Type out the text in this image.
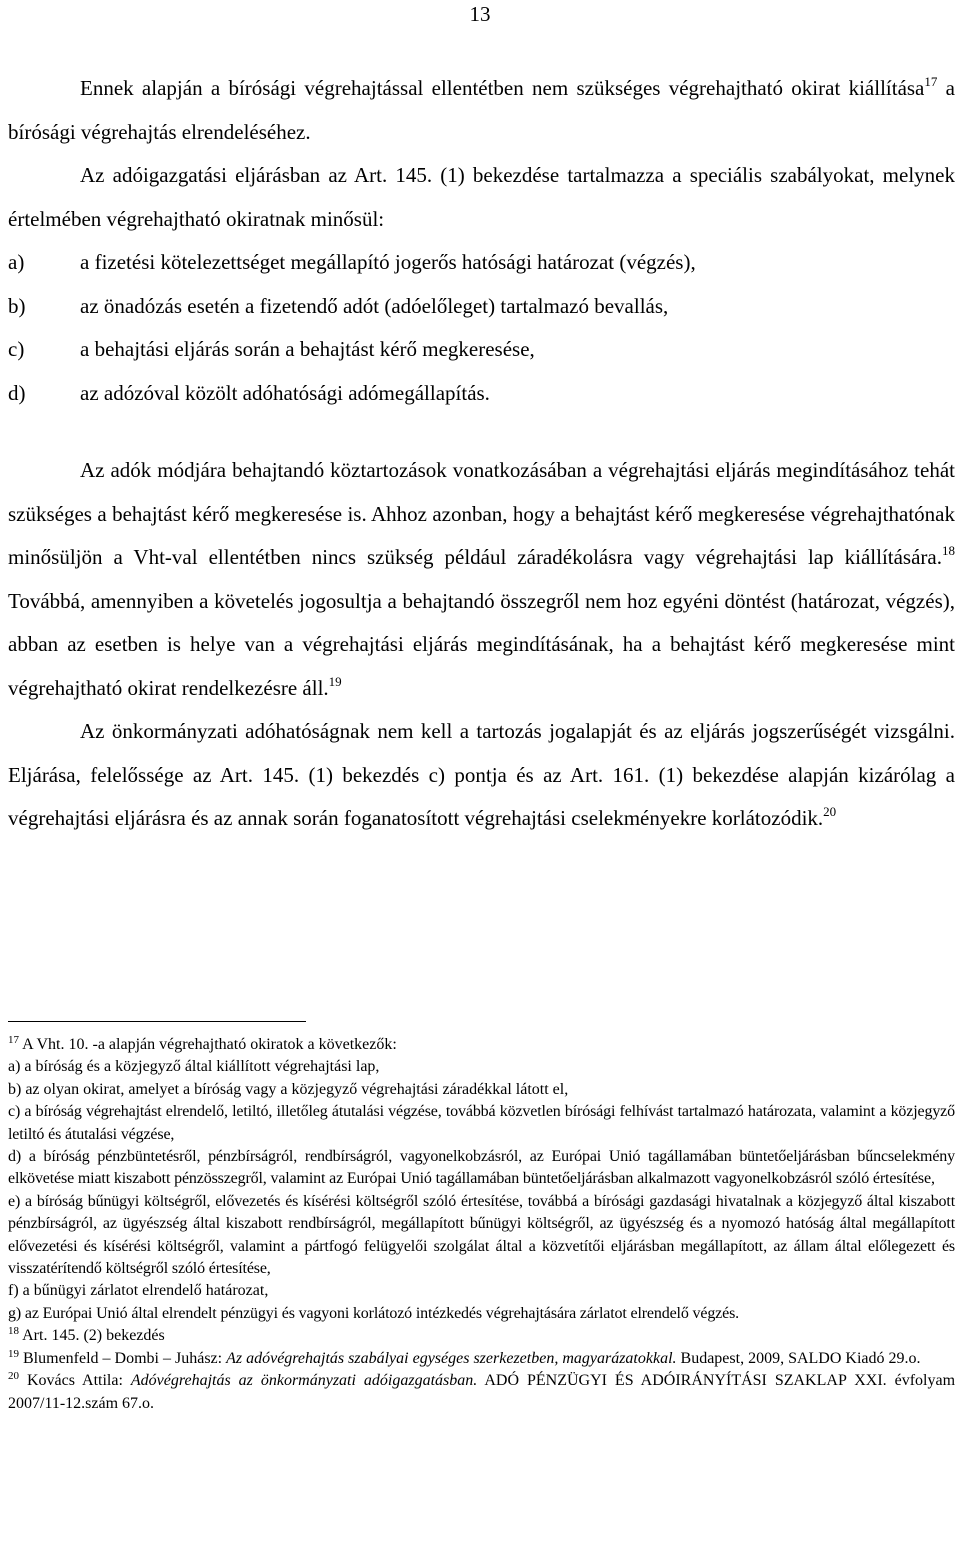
13

Ennek alapján a bírósági végrehajtással ellentétben nem szükséges végrehajtható okirat kiállítása$^{17}$ a bírósági végrehajtás elrendeléséhez.

Az adóigazgatási eljárásban az Art. 145. (1) bekezdése tartalmazza a speciális szabályokat, melynek értelmében végrehajtható okiratnak minősül:

a)	a fizetési kötelezettséget megállapító jogerős hatósági határozat (végzés),
b)	az önadózás esetén a fizetendő adót (adóelőleget) tartalmazó bevallás,
c)	a behajtási eljárás során a behajtást kérő megkeresése,
d)	az adózóval közölt adóhatósági adómegállapítás.

Az adók módjára behajtandó köztartozások vonatkozásában a végrehajtási eljárás megindításához tehát szükséges a behajtást kérő megkeresése is. Ahhoz azonban, hogy a behajtást kérő megkeresése végrehajthatónak minősüljön a Vht-val ellentétben nincs szükség például záradékolásra vagy végrehajtási lap kiállítására.$^{18}$ Továbbá, amennyiben a követelés jogosultja a behajtandó összegről nem hoz egyéni döntést (határozat, végzés), abban az esetben is helye van a végrehajtási eljárás megindításának, ha a behajtást kérő megkeresése mint végrehajtható okirat rendelkezésre áll.$^{19}$

Az önkormányzati adóhatóságnak nem kell a tartozás jogalapját és az eljárás jogszerűségét vizsgálni. Eljárása, felelőssége az Art. 145. (1) bekezdés c) pontja és az Art. 161. (1) bekezdése alapján kizárólag a végrehajtási eljárásra és az annak során foganatosított végrehajtási cselekményekre korlátozódik.$^{20}$

$^{17}$ A Vht. 10. -a alapján végrehajtható okiratok a következők:

a) a bíróság és a közjegyző által kiállított végrehajtási lap,

b) az olyan okirat, amelyet a bíróság vagy a közjegyző végrehajtási záradékkal látott el,

c) a bíróság végrehajtást elrendelő, letiltó, illetőleg átutalási végzése, továbbá közvetlen bírósági felhívást tartalmazó határozata, valamint a közjegyző letiltó és átutalási végzése,

d) a bíróság pénzbüntetésről, pénzbírságról, rendbírságról, vagyonelkobzásról, az Európai Unió tagállamában büntetőeljárásban bűncselekmény elkövetése miatt kiszabott pénzösszegről, valamint az Európai Unió tagállamában büntetőeljárásban alkalmazott vagyonelkobzásról szóló értesítése,

e) a bíróság bűnügyi költségről, elővezetés és kísérési költségről szóló értesítése, továbbá a bírósági gazdasági hivatalnak a közjegyző által kiszabott pénzbírságról, az ügyészség által kiszabott rendbírságról, megállapított bűnügyi költségről, az ügyészség és a nyomozó hatóság által megállapított elővezetési és kísérési költségről, valamint a pártfogó felügyelői szolgálat által a közvetítői eljárásban megállapított, az állam által előlegezett és visszatérítendő költségről szóló értesítése,

f) a bűnügyi zárlatot elrendelő határozat,

g) az Európai Unió által elrendelt pénzügyi és vagyoni korlátozó intézkedés végrehajtására zárlatot elrendelő végzés.

$^{18}$ Art. 145. (2) bekezdés

$^{19}$ Blumenfeld – Dombi – Juhász: Az adóvégrehajtás szabályai egységes szerkezetben, magyarázatokkal. Budapest, 2009, SALDO Kiadó 29.o.

$^{20}$ Kovács Attila: Adóvégrehajtás az önkormányzati adóigazgatásban. ADÓ PÉNZÜGYI ÉS ADÓIRÁNYÍTÁSI SZAKLAP XXI. évfolyam 2007/11-12.szám 67.o.
